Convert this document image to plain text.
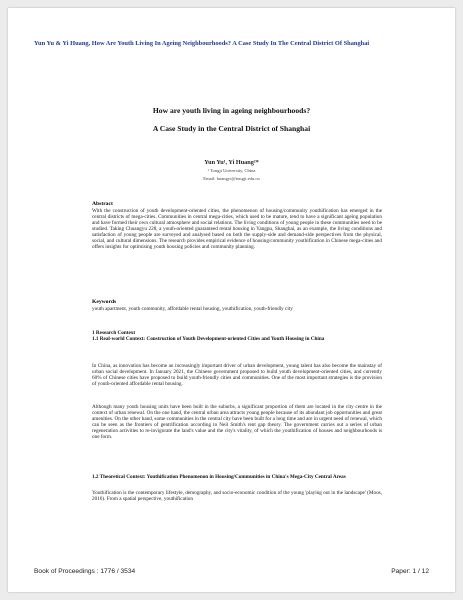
Yun Yu & Yi Huang, How Are Youth Living In Ageing Neighbourhoods? A Case Study In The Central District Of Shanghai
How are youth living in ageing neighbourhoods?
A Case Study in the Central District of Shanghai
Yun Yu¹, Yi Huang²*
¹ Tongji University, China
Email: huangyi@tongji.edu.cn
Abstract
With the construction of youth development-oriented cities, the phenomenon of housing/community youthification has emerged in the central districts of mega-cities. Communities in central mega-cities, which used to be mature, tend to have a significant ageing population and have formed their own cultural atmosphere and social relations. The living conditions of young people in these communities need to be studied. Taking Chuangyu 228, a youth-oriented guaranteed rental housing in Yangpu, Shanghai, as an example, the living conditions and satisfaction of young people are surveyed and analysed based on both the supply-side and demand-side perspectives from the physical, social, and cultural dimensions. The research provides empirical evidence of housing/community youthification in Chinese mega-cities and offers insights for optimising youth housing policies and community planning.
Keywords
youth apartment, youth community, affordable rental housing, youthification, youth-friendly city
1 Research Context
1.1 Real-world Context: Construction of Youth Development-oriented Cities and Youth Housing in China
In China, as innovation has become an increasingly important driver of urban development, young talent has also become the mainstay of urban social development. In January 2021, the Chinese government proposed to build youth development-oriented cities, and currently 60% of Chinese cities have proposed to build youth-friendly cities and communities. One of the most important strategies is the provision of youth-oriented affordable rental housing.
Although many youth housing units have been built in the suburbs, a significant proportion of them are located in the city centre in the context of urban renewal. On the one hand, the central urban area attracts young people because of its abundant job opportunities and great amenities. On the other hand, some communities in the central city have been built for a long time and are in urgent need of renewal, which can be seen as the frontiers of gentrification according to Neil Smith's rent gap theory. The government carries out a series of urban regeneration activities to re-invigorate the land's value and the city's vitality, of which the youthification of houses and neighbourhoods is one form.
1.2 Theoretical Context: Youthification Phenomenon in Housing/Communities in China's Mega-City Central Areas
Youthification is the contemporary lifestyle, demography, and socio-economic condition of the young 'playing out in the landscape' (Moos, 2016). From a spatial perspective, youthification
Book of Proceedings : 1776 / 3534	Paper: 1 / 12
